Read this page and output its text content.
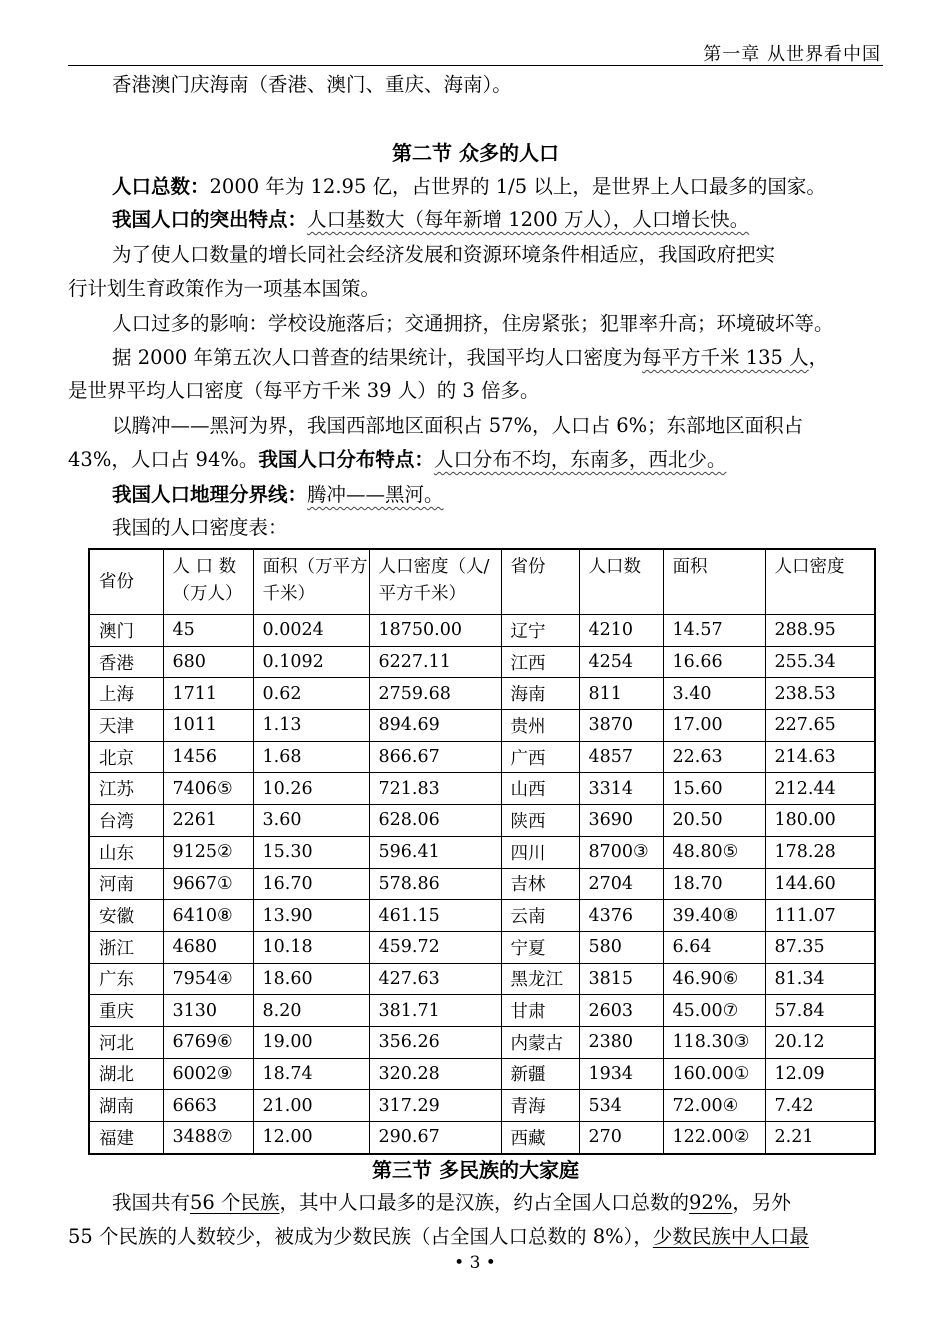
第一章 从世界看中国
香港澳门庆海南（香港、澳门、重庆、海南）。
第二节 众多的人口
人口总数：2000 年为 12.95 亿，占世界的 1/5 以上，是世界上人口最多的国家。
我国人口的突出特点：人口基数大（每年新增 1200 万人），人口增长快。
为了使人口数量的增长同社会经济发展和资源环境条件相适应，我国政府把实
行计划生育政策作为一项基本国策。
人口过多的影响：学校设施落后；交通拥挤，住房紧张；犯罪率升高；环境破坏等。
据 2000 年第五次人口普查的结果统计，我国平均人口密度为每平方千米 135 人，
是世界平均人口密度（每平方千米 39 人）的 3 倍多。
以腾冲——黑河为界，我国西部地区面积占 57%，人口占 6%；东部地区面积占
43%，人口占 94%。我国人口分布特点：人口分布不均，东南多，西北少。
我国人口地理分界线：腾冲——黑河。
我国的人口密度表：
省份	人 口 数（万人）	面积（万平方千米）	人口密度（人/平方千米）	省份	人口数	面积	人口密度
澳门	45	0.0024	18750.00	辽宁	4210	14.57	288.95
香港	680	0.1092	6227.11	江西	4254	16.66	255.34
上海	1711	0.62	2759.68	海南	811	3.40	238.53
天津	1011	1.13	894.69	贵州	3870	17.00	227.65
北京	1456	1.68	866.67	广西	4857	22.63	214.63
江苏	7406⑤	10.26	721.83	山西	3314	15.60	212.44
台湾	2261	3.60	628.06	陕西	3690	20.50	180.00
山东	9125②	15.30	596.41	四川	8700③	48.80⑤	178.28
河南	9667①	16.70	578.86	吉林	2704	18.70	144.60
安徽	6410⑧	13.90	461.15	云南	4376	39.40⑧	111.07
浙江	4680	10.18	459.72	宁夏	580	6.64	87.35
广东	7954④	18.60	427.63	黑龙江	3815	46.90⑥	81.34
重庆	3130	8.20	381.71	甘肃	2603	45.00⑦	57.84
河北	6769⑥	19.00	356.26	内蒙古	2380	118.30③	20.12
湖北	6002⑨	18.74	320.28	新疆	1934	160.00①	12.09
湖南	6663	21.00	317.29	青海	534	72.00④	7.42
福建	3488⑦	12.00	290.67	西藏	270	122.00②	2.21
第三节 多民族的大家庭
我国共有56 个民族，其中人口最多的是汉族，约占全国人口总数的92%，另外
55 个民族的人数较少，被成为少数民族（占全国人口总数的 8%），少数民族中人口最
• 3 •
